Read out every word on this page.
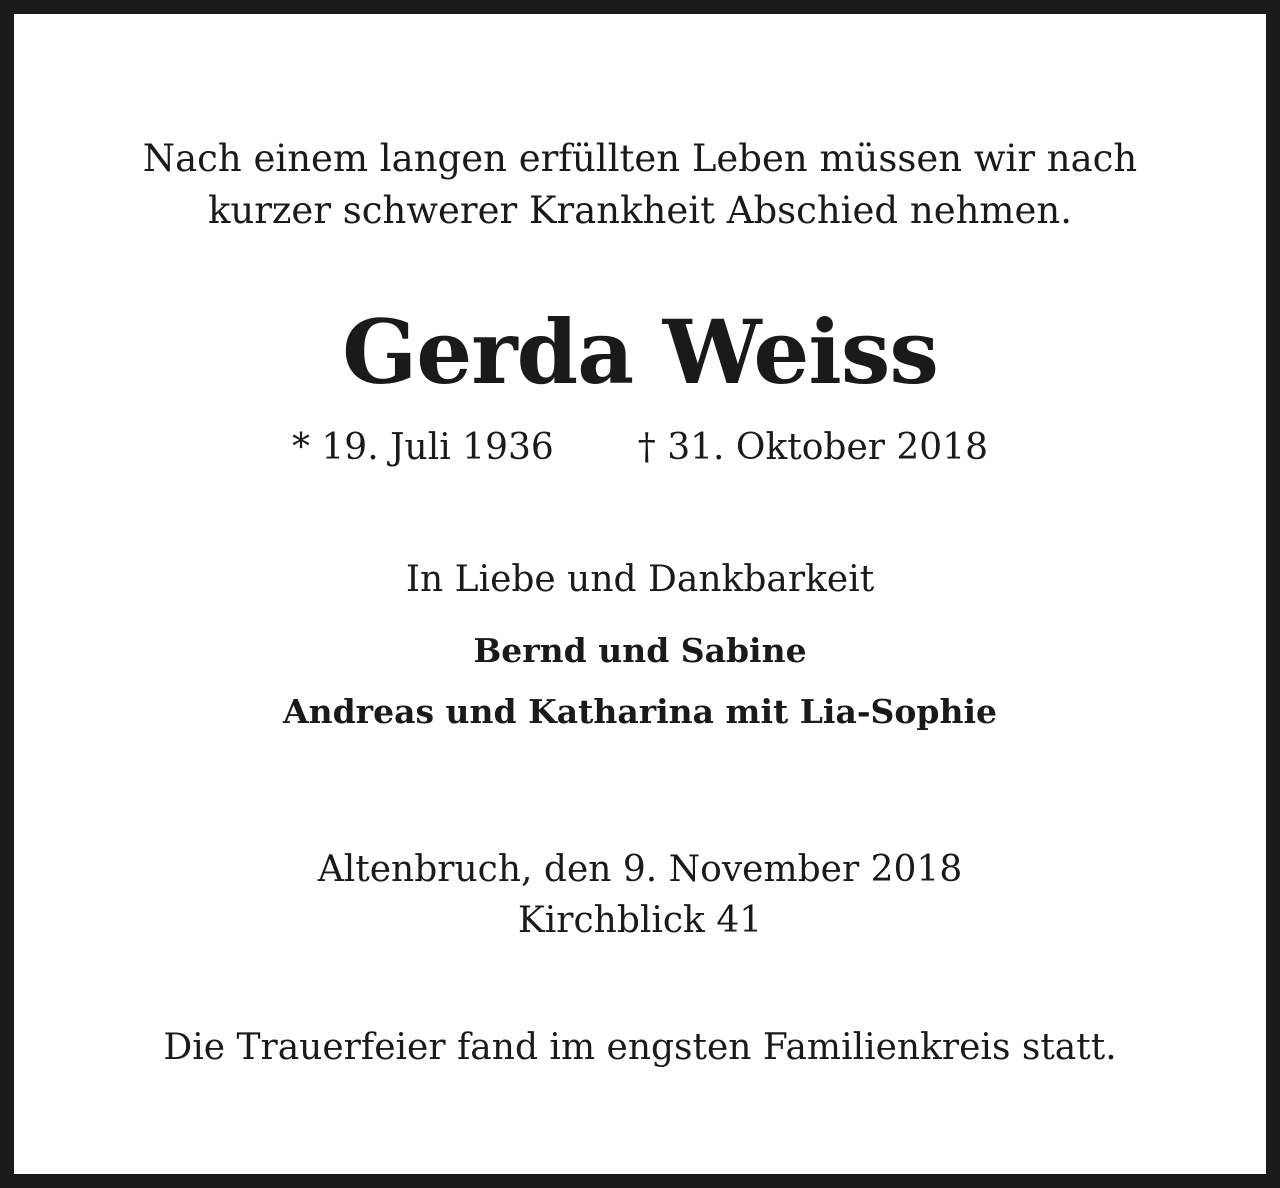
Nach einem langen erfüllten Leben müssen wir nach
kurzer schwerer Krankheit Abschied nehmen.
Gerda Weiss
* 19. Juli 1936 † 31. Oktober 2018
In Liebe und Dankbarkeit
Bernd und Sabine
Andreas und Katharina mit Lia-Sophie
Altenbruch, den 9. November 2018
Kirchblick 41
Die Trauerfeier fand im engsten Familienkreis statt.
